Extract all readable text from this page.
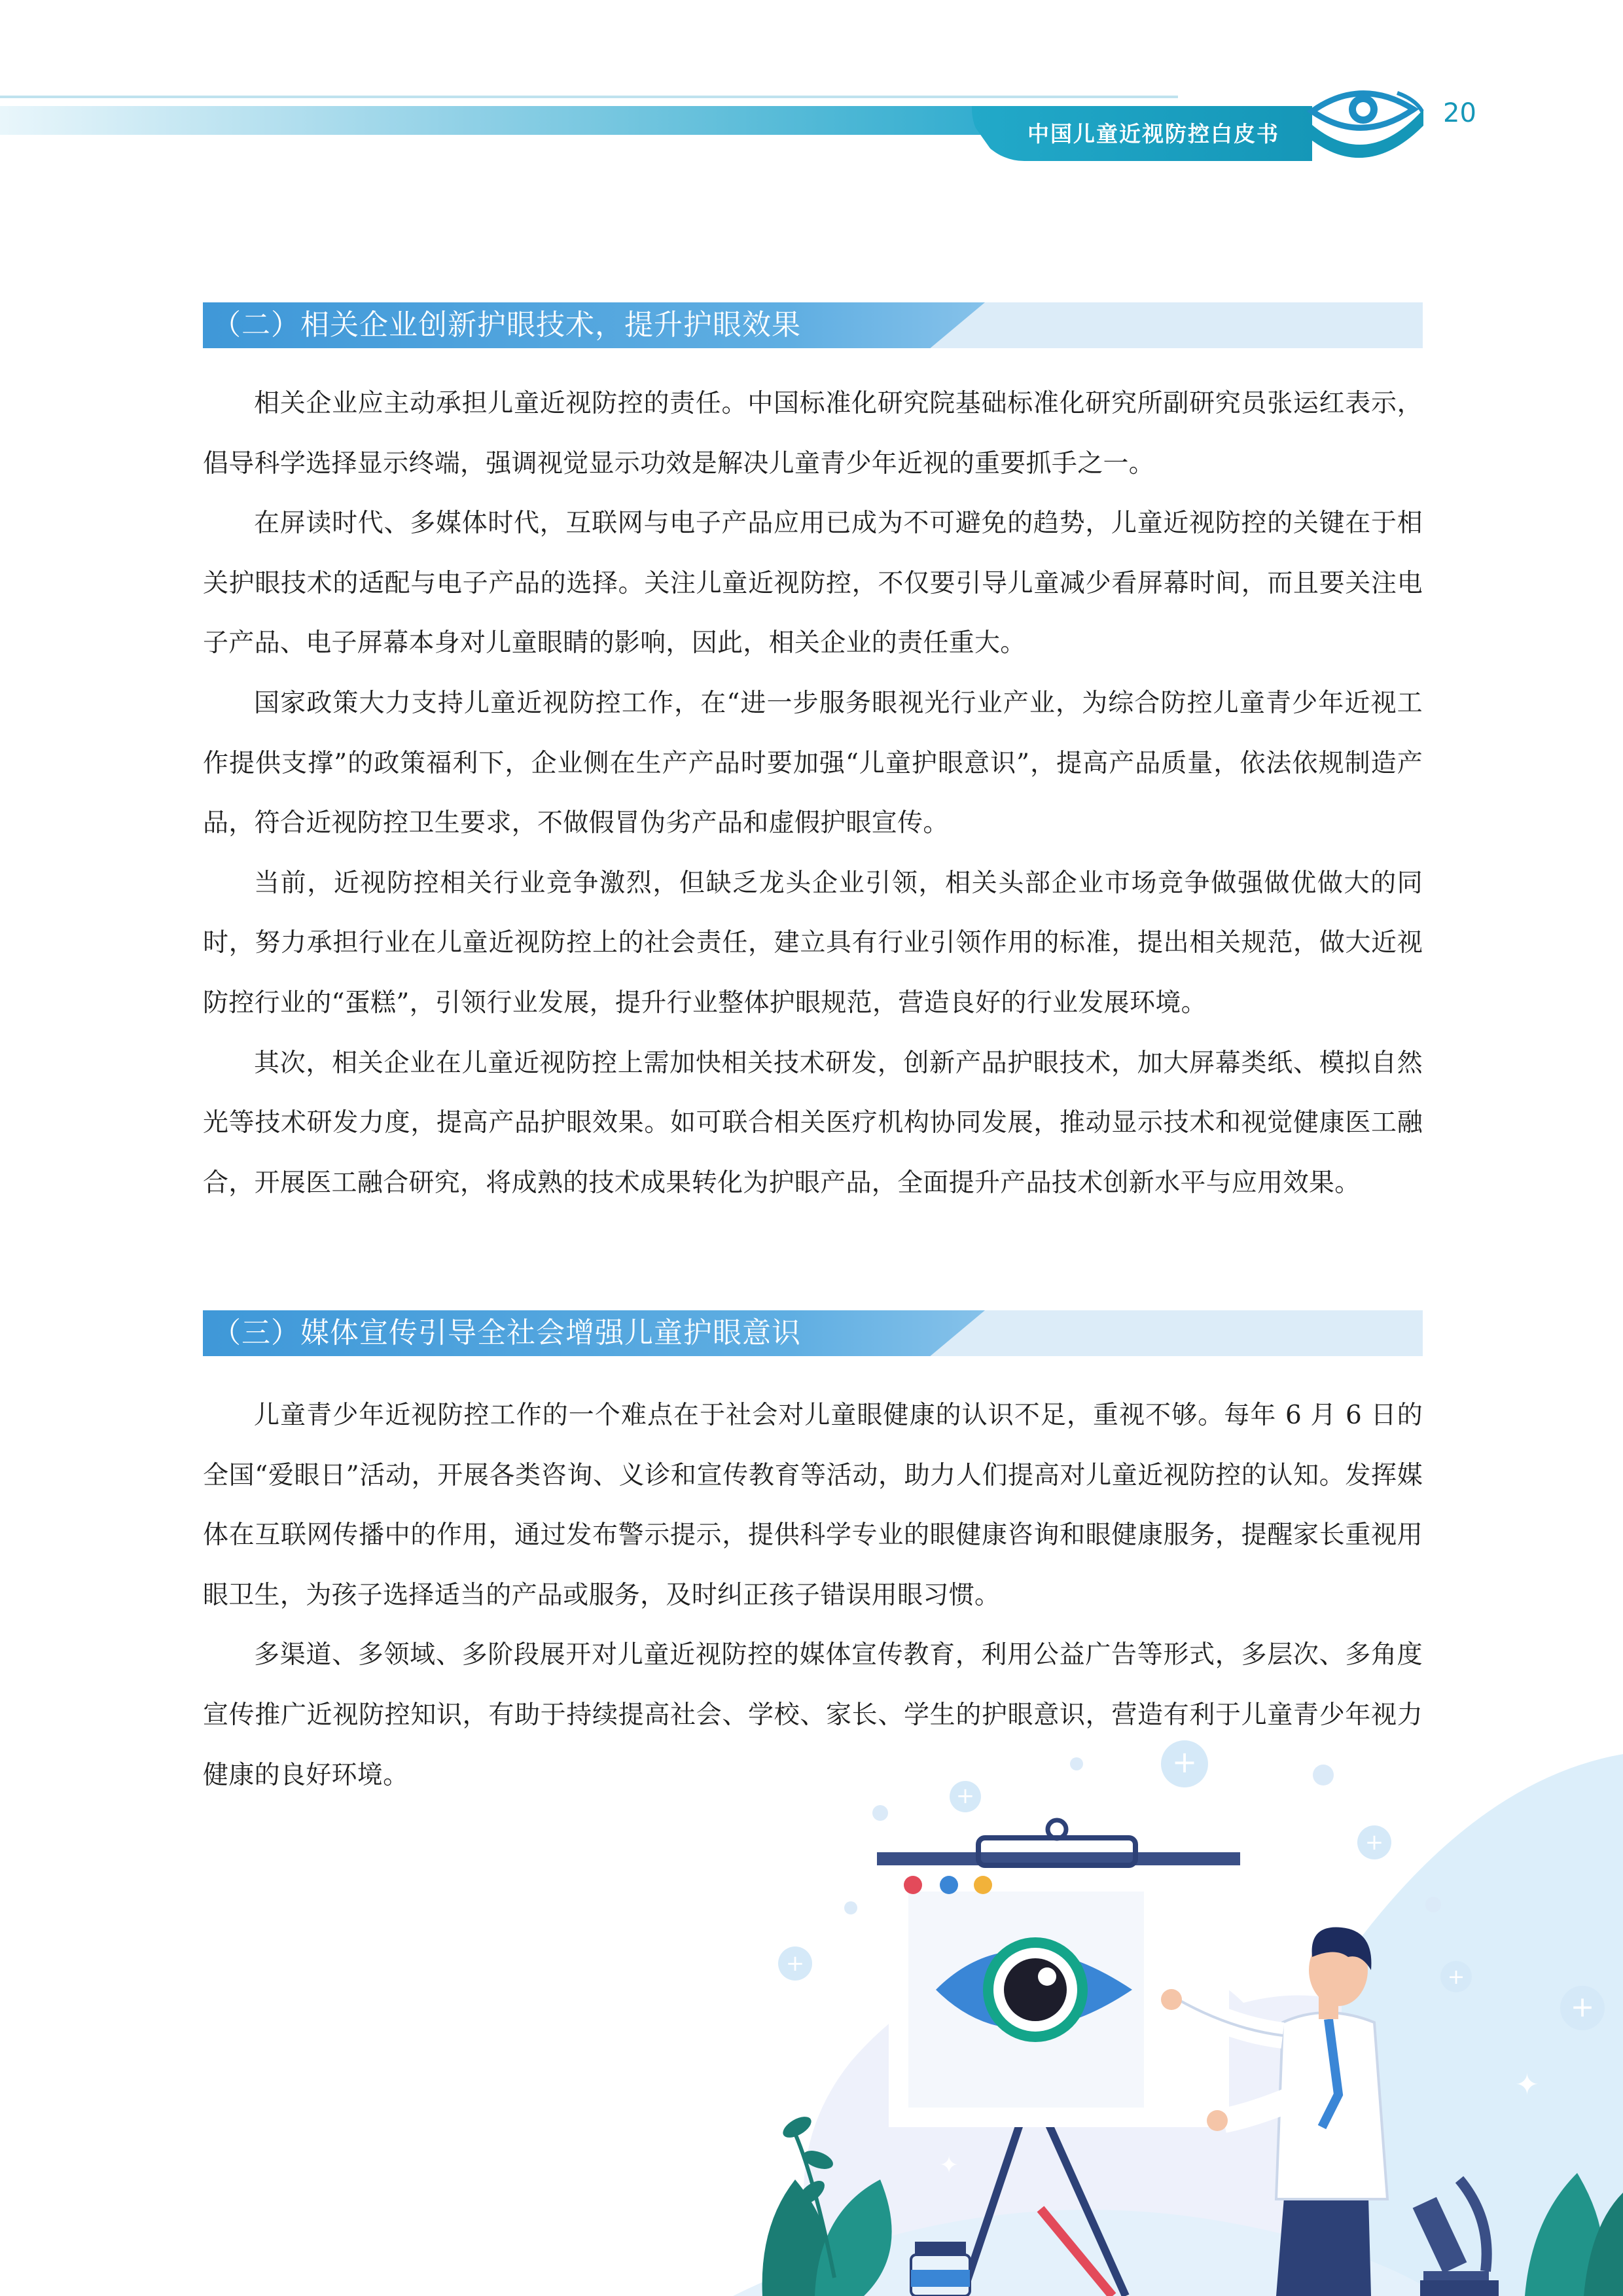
中国儿童近视防控白皮书
20
（二）相关企业创新护眼技术，提升护眼效果

相关企业应主动承担儿童近视防控的责任。中国标准化研究院基础标准化研究所副研究员张运红表示，倡导科学选择显示终端，强调视觉显示功效是解决儿童青少年近视的重要抓手之一。

在屏读时代、多媒体时代，互联网与电子产品应用已成为不可避免的趋势，儿童近视防控的关键在于相关护眼技术的适配与电子产品的选择。关注儿童近视防控，不仅要引导儿童减少看屏幕时间，而且要关注电子产品、电子屏幕本身对儿童眼睛的影响，因此，相关企业的责任重大。

国家政策大力支持儿童近视防控工作，在“进一步服务眼视光行业产业，为综合防控儿童青少年近视工作提供支撑”的政策福利下，企业侧在生产产品时要加强“儿童护眼意识”，提高产品质量，依法依规制造产品，符合近视防控卫生要求，不做假冒伪劣产品和虚假护眼宣传。

当前，近视防控相关行业竞争激烈，但缺乏龙头企业引领，相关头部企业市场竞争做强做优做大的同时，努力承担行业在儿童近视防控上的社会责任，建立具有行业引领作用的标准，提出相关规范，做大近视防控行业的“蛋糕”，引领行业发展，提升行业整体护眼规范，营造良好的行业发展环境。

其次，相关企业在儿童近视防控上需加快相关技术研发，创新产品护眼技术，加大屏幕类纸、模拟自然光等技术研发力度，提高产品护眼效果。如可联合相关医疗机构协同发展，推动显示技术和视觉健康医工融合，开展医工融合研究，将成熟的技术成果转化为护眼产品，全面提升产品技术创新水平与应用效果。

（三）媒体宣传引导全社会增强儿童护眼意识

儿童青少年近视防控工作的一个难点在于社会对儿童眼健康的认识不足，重视不够。每年 6 月 6 日的全国“爱眼日”活动，开展各类咨询、义诊和宣传教育等活动，助力人们提高对儿童近视防控的认知。发挥媒体在互联网传播中的作用，通过发布警示提示，提供科学专业的眼健康咨询和眼健康服务，提醒家长重视用眼卫生，为孩子选择适当的产品或服务，及时纠正孩子错误用眼习惯。

多渠道、多领域、多阶段展开对儿童近视防控的媒体宣传教育，利用公益广告等形式，多层次、多角度宣传推广近视防控知识，有助于持续提高社会、学校、家长、学生的护眼意识，营造有利于儿童青少年视力健康的良好环境。

+
+
+
+	+
+
✦
✦
✦
✦
